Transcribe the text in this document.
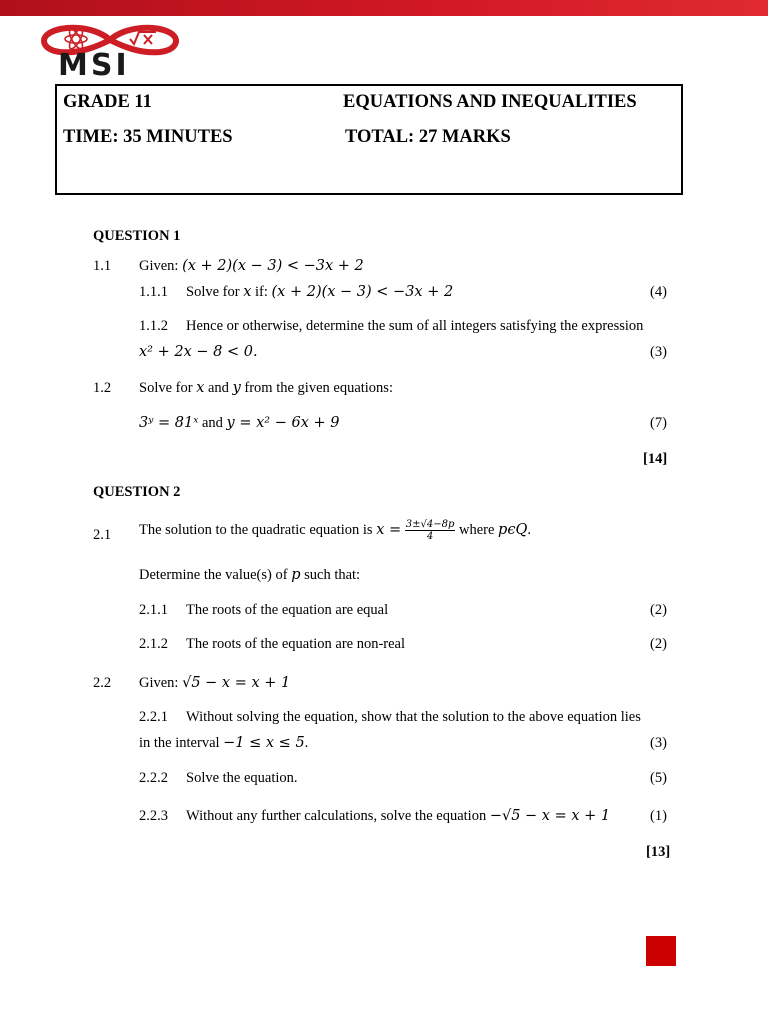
MSI
GRADE 11	EQUATIONS AND INEQUALITIES
TIME: 35 MINUTES	TOTAL: 27 MARKS
QUESTION 1
1.1 Given: (x + 2)(x − 3) < −3x + 2
1.1.1 Solve for x if: (x + 2)(x − 3) < −3x + 2	(4)
1.1.2 Hence or otherwise, determine the sum of all integers satisfying the expression
x² + 2x − 8 < 0.	(3)
1.2 Solve for x and y from the given equations:
3ʸ = 81ˣ and y = x² − 6x + 9	(7)
[14]
QUESTION 2
2.1 The solution to the quadratic equation is $x = \frac{3\pm√4-8p}{4}$ where pϵQ.
Determine the value(s) of p such that:
2.1.1 The roots of the equation are equal	(2)
2.1.2 The roots of the equation are non-real	(2)
2.2 Given: √5 − x = x + 1
2.2.1 Without solving the equation, show that the solution to the above equation lies
in the interval −1 ≤ x ≤ 5.	(3)
2.2.2 Solve the equation.	(5)
2.2.3 Without any further calculations, solve the equation −√5 − x = x + 1	(1)
[13]
